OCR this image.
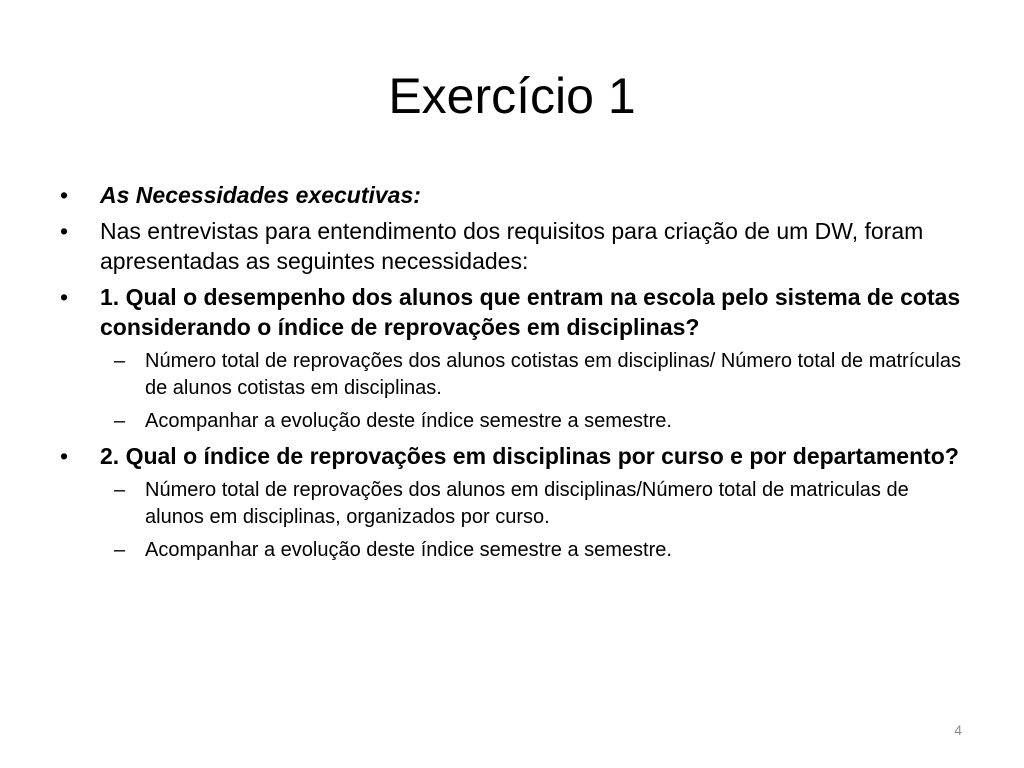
Exercício 1
•	As Necessidades executivas:
•	Nas entrevistas para entendimento dos requisitos para criação de um DW, foram apresentadas as seguintes necessidades:
•	1. Qual o desempenho dos alunos que entram na escola pelo sistema de cotas considerando o índice de reprovações em disciplinas?
– Número total de reprovações dos alunos cotistas em disciplinas/ Número total de matrículas de alunos cotistas em disciplinas.
– Acompanhar a evolução deste índice semestre a semestre.
•	2. Qual o índice de reprovações em disciplinas por curso e por departamento?
– Número total de reprovações dos alunos em disciplinas/Número total de matriculas de alunos em disciplinas, organizados por curso.
– Acompanhar a evolução deste índice semestre a semestre.
4
